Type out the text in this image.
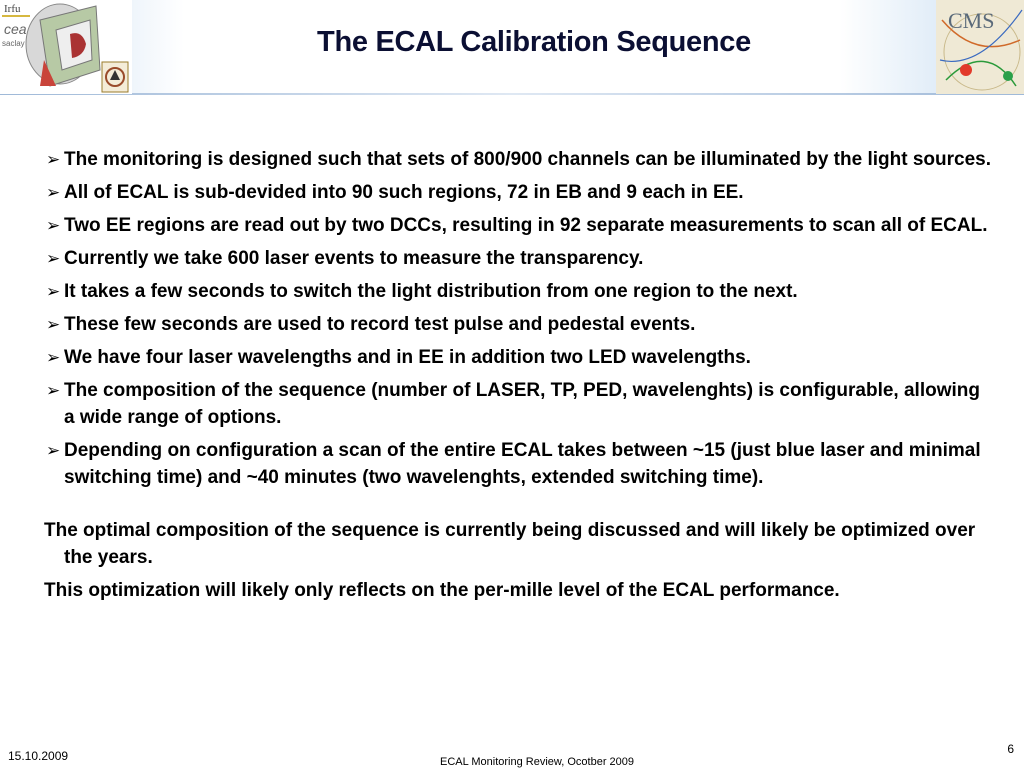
Irfu
cea
saclay	The ECAL Calibration Sequence
CMS
➢ The monitoring is designed such that sets of 800/900 channels can be illuminated by the light sources.
➢ All of ECAL is sub-devided into 90 such regions, 72 in EB and 9 each in EE.
➢ Two EE regions are read out by two DCCs, resulting in 92 separate measurements to scan all of ECAL.
➢ Currently we take 600 laser events to measure the transparency.
➢ It takes a few seconds to switch the light distribution from one region to the next.
➢ These few seconds are used to record test pulse and pedestal events.
➢ We have four laser wavelengths and in EE in addition two LED wavelengths.
➢ The composition of the sequence (number of LASER, TP, PED, wavelenghts) is configurable, allowing a wide range of options.
➢ Depending on configuration a scan of the entire ECAL takes between ~15 (just blue laser and minimal switching time) and ~40 minutes (two wavelenghts, extended switching time).

The optimal composition of the sequence is currently being discussed and will likely be optimized over the years.

This optimization will likely only reflects on the per-mille level of the ECAL performance.

15.10.2009	ECAL Monitoring Review, Ocotber 2009
6
